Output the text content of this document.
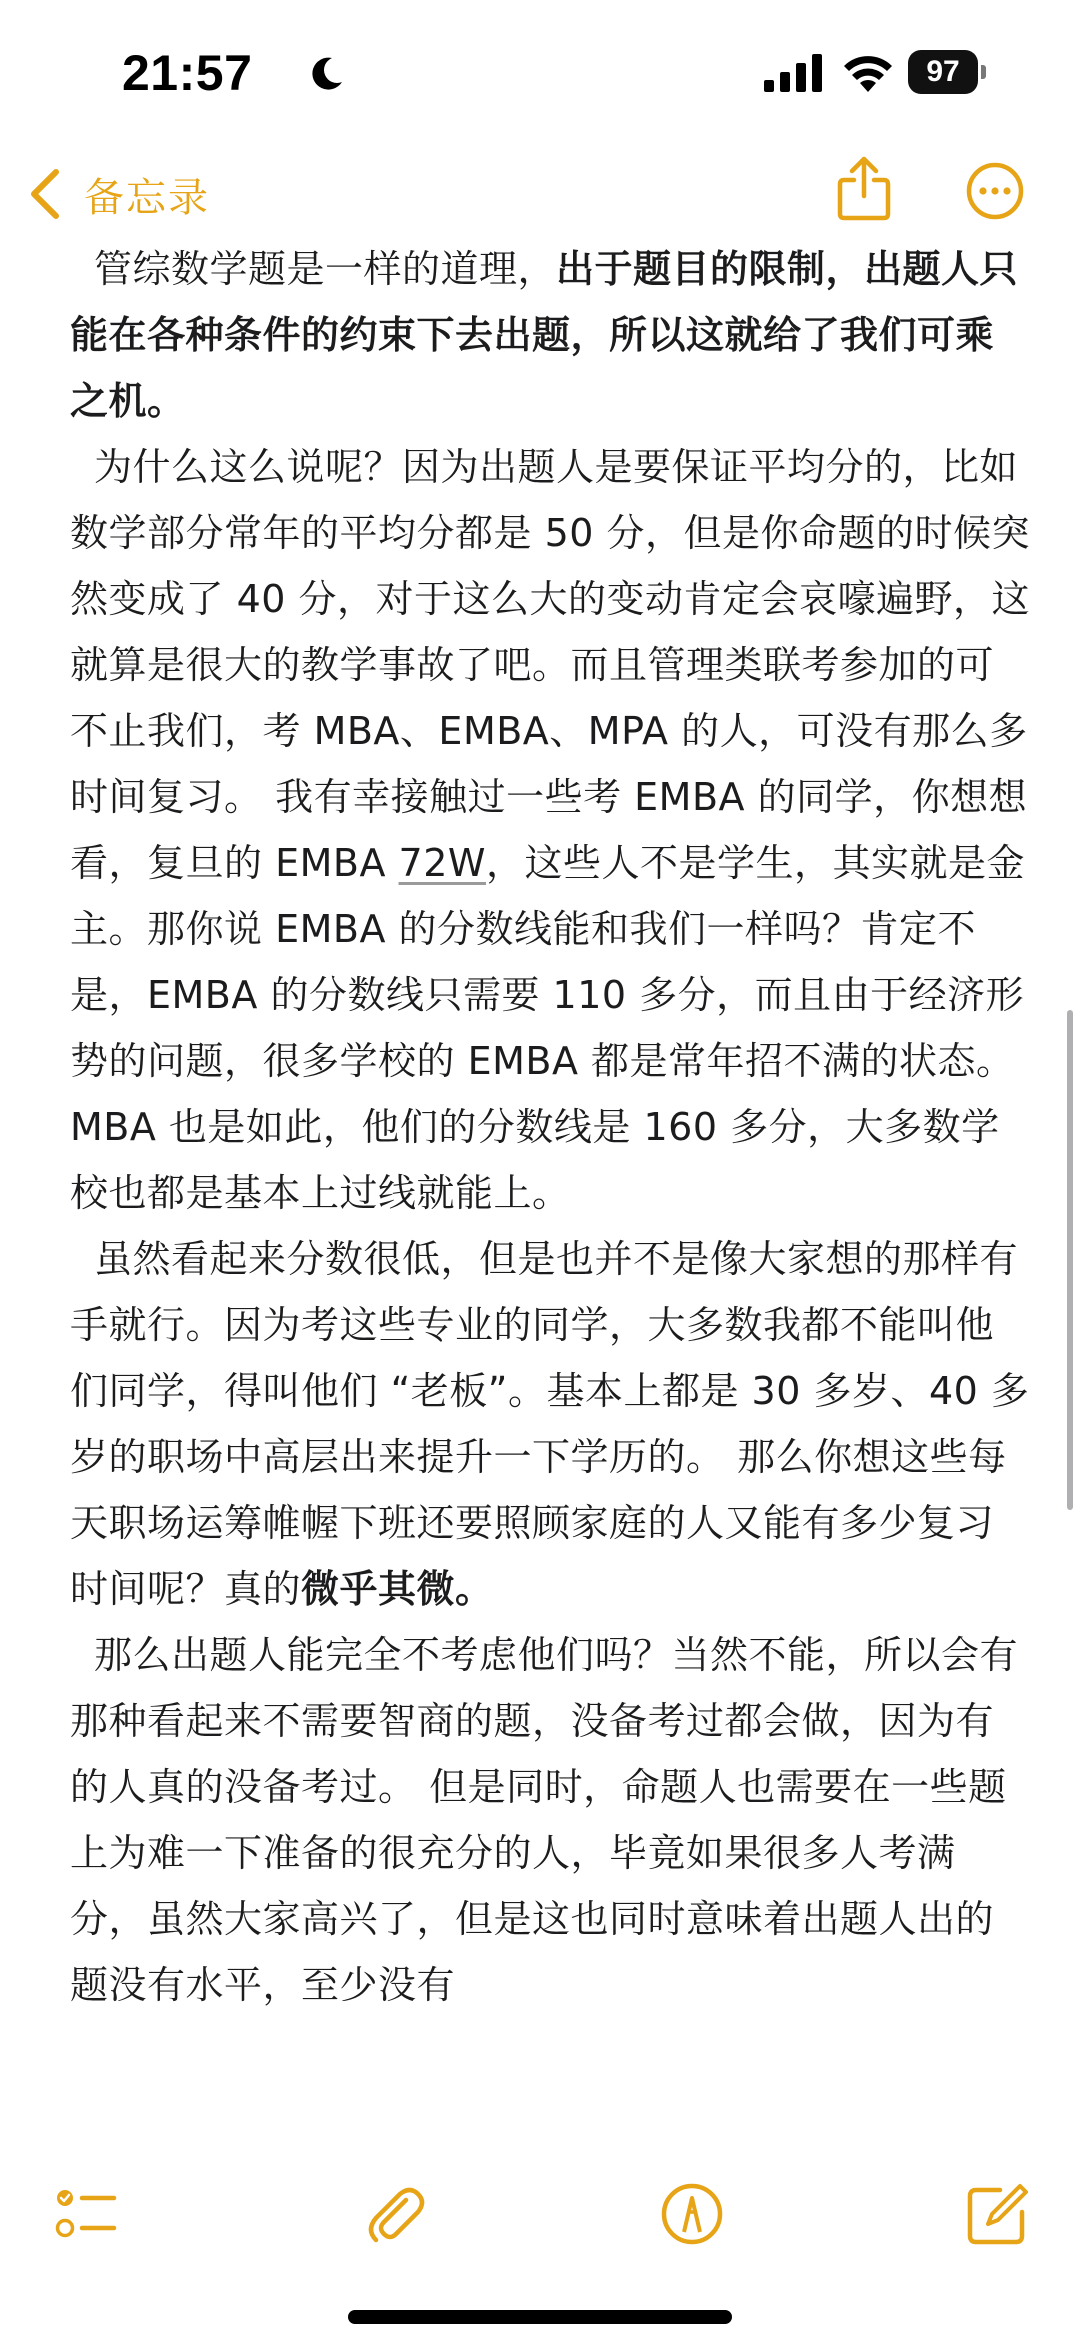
21:57	97
备忘录

管综数学题是一样的道理，出于题目的限制，出题人只能在各种条件的约束下去出题，所以这就给了我们可乘之机。

为什么这么说呢？因为出题人是要保证平均分的，比如数学部分常年的平均分都是 50 分，但是你命题的时候突然变成了 40 分，对于这么大的变动肯定会哀嚎遍野，这就算是很大的教学事故了吧。而且管理类联考参加的可不止我们，考 MBA、EMBA、MPA 的人，可没有那么多时间复习。 我有幸接触过一些考 EMBA 的同学，你想想看，复旦的 EMBA 72W，这些人不是学生，其实就是金主。那你说 EMBA 的分数线能和我们一样吗？肯定不是，EMBA 的分数线只需要 110 多分，而且由于经济形势的问题，很多学校的 EMBA 都是常年招不满的状态。MBA 也是如此，他们的分数线是 160 多分，大多数学校也都是基本上过线就能上。

虽然看起来分数很低，但是也并不是像大家想的那样有手就行。因为考这些专业的同学，大多数我都不能叫他们同学，得叫他们 “老板”。基本上都是 30 多岁、40 多岁的职场中高层出来提升一下学历的。 那么你想这些每天职场运筹帷幄下班还要照顾家庭的人又能有多少复习时间呢？真的微乎其微。

那么出题人能完全不考虑他们吗？当然不能，所以会有那种看起来不需要智商的题，没备考过都会做，因为有的人真的没备考过。 但是同时，命题人也需要在一些题上为难一下准备的很充分的人，毕竟如果很多人考满分，虽然大家高兴了，但是这也同时意味着出题人出的题没有水平，至少没有
